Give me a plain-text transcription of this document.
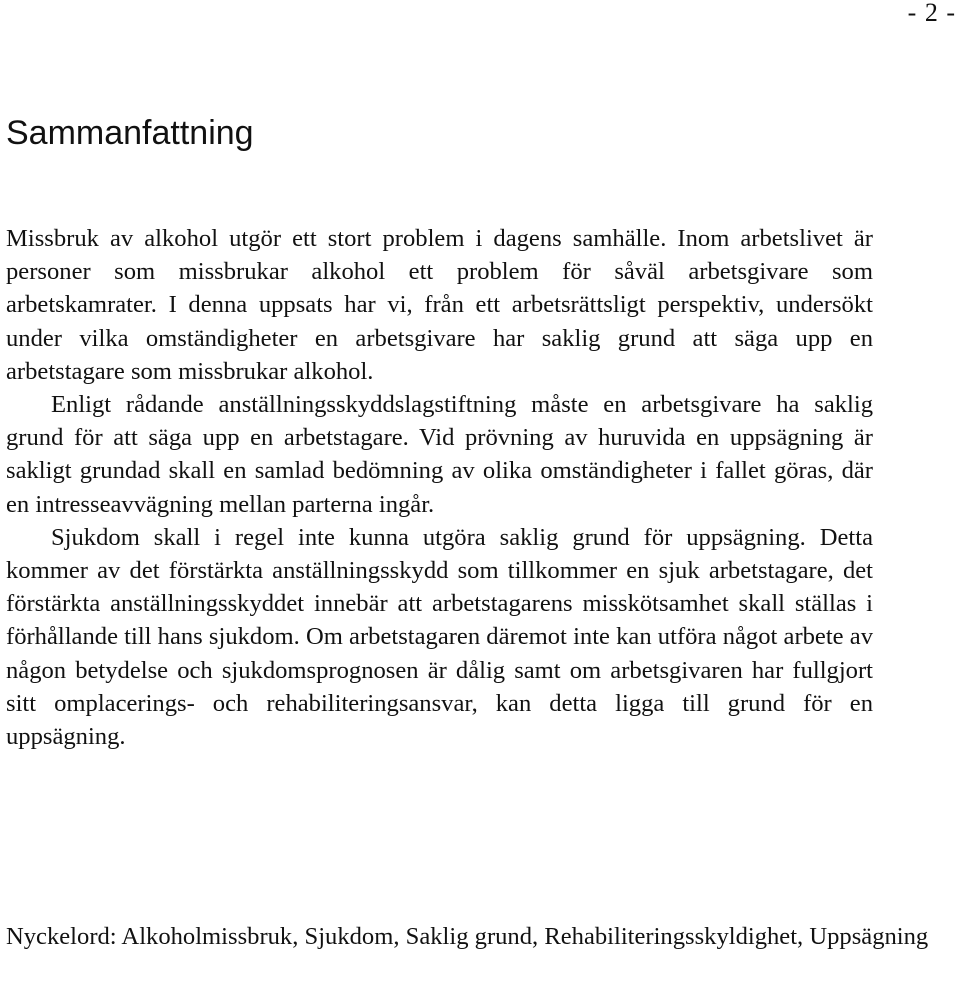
- 2 -
Sammanfattning

Missbruk av alkohol utgör ett stort problem i dagens samhälle. Inom arbetslivet är personer som missbrukar alkohol ett problem för såväl arbetsgivare som arbetskamrater. I denna uppsats har vi, från ett arbetsrättsligt perspektiv, undersökt under vilka omständigheter en arbetsgivare har saklig grund att säga upp en arbetstagare som missbrukar alkohol.

Enligt rådande anställningsskyddslagstiftning måste en arbetsgivare ha saklig grund för att säga upp en arbetstagare. Vid prövning av huruvida en uppsägning är sakligt grundad skall en samlad bedömning av olika omständigheter i fallet göras, där en intresseavvägning mellan parterna ingår.

Sjukdom skall i regel inte kunna utgöra saklig grund för uppsägning. Detta kommer av det förstärkta anställningsskydd som tillkommer en sjuk arbetstagare, det förstärkta anställningsskyddet innebär att arbetstagarens misskötsamhet skall ställas i förhållande till hans sjukdom. Om arbetstagaren däremot inte kan utföra något arbete av någon betydelse och sjukdomsprognosen är dålig samt om arbetsgivaren har fullgjort sitt omplacerings- och rehabiliteringsansvar, kan detta ligga till grund för en uppsägning.

Nyckelord: Alkoholmissbruk, Sjukdom, Saklig grund, Rehabiliteringsskyldighet, Uppsägning
